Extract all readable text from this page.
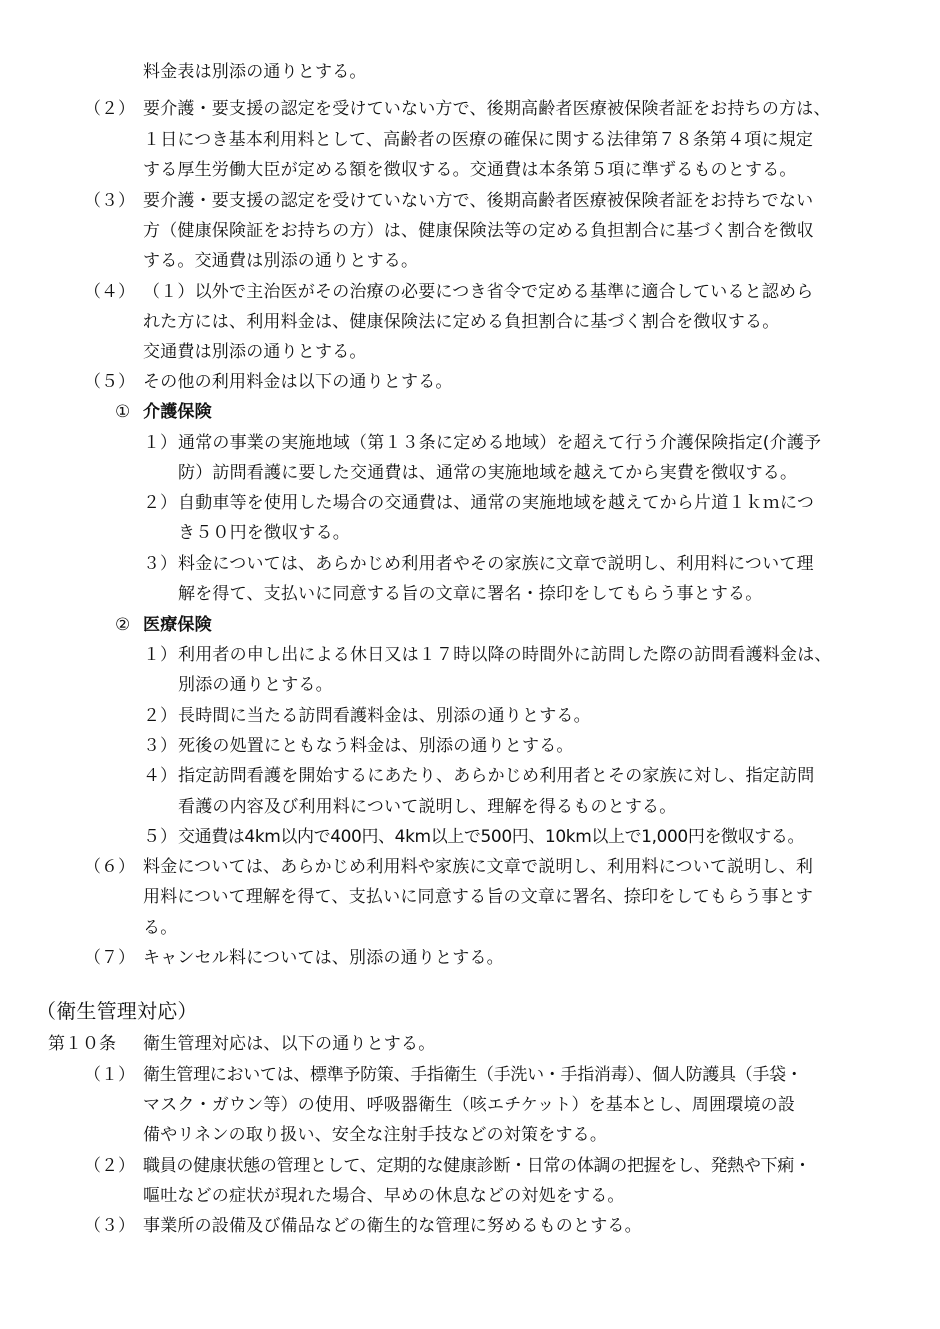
料金表は別添の通りとする。
（２） 要介護・要支援の認定を受けていない方で、後期高齢者医療被保険者証をお持ちの方は、
１日につき基本利用料として、高齢者の医療の確保に関する法律第７８条第４項に規定
する厚生労働大臣が定める額を徴収する。交通費は本条第５項に準ずるものとする。
（３） 要介護・要支援の認定を受けていない方で、後期高齢者医療被保険者証をお持ちでない
方（健康保険証をお持ちの方）は、健康保険法等の定める負担割合に基づく割合を徴収
する。交通費は別添の通りとする。
（４） （１）以外で主治医がその治療の必要につき省令で定める基準に適合していると認めら
れた方には、利用料金は、健康保険法に定める負担割合に基づく割合を徴収する。
交通費は別添の通りとする。
（５） その他の利用料金は以下の通りとする。
① 介護保険
１） 通常の事業の実施地域（第１３条に定める地域）を超えて行う介護保険指定(介護予
防）訪問看護に要した交通費は、通常の実施地域を越えてから実費を徴収する。
２） 自動車等を使用した場合の交通費は、通常の実施地域を越えてから片道１ｋｍにつ
き５０円を徴収する。
３） 料金については、あらかじめ利用者やその家族に文章で説明し、利用料について理
解を得て、支払いに同意する旨の文章に署名・捺印をしてもらう事とする。
② 医療保険
１） 利用者の申し出による休日又は１７時以降の時間外に訪問した際の訪問看護料金は、
別添の通りとする。
２） 長時間に当たる訪問看護料金は、別添の通りとする。
３） 死後の処置にともなう料金は、別添の通りとする。
４） 指定訪問看護を開始するにあたり、あらかじめ利用者とその家族に対し、指定訪問
看護の内容及び利用料について説明し、理解を得るものとする。
５） 交通費は4km以内で400円、4km以上で500円、10km以上で1,000円を徴収する。
（６） 料金については、あらかじめ利用料や家族に文章で説明し、利用料について説明し、利
用料について理解を得て、支払いに同意する旨の文章に署名、捺印をしてもらう事とす
る。
（７） キャンセル料については、別添の通りとする。
（衛生管理対応）
第１０条 衛生管理対応は、以下の通りとする。
（１） 衛生管理においては、標準予防策、手指衛生（手洗い・手指消毒）、個人防護具（手袋・
マスク・ガウン等）の使用、呼吸器衛生（咳エチケット）を基本とし、周囲環境の設
備やリネンの取り扱い、安全な注射手技などの対策をする。
（２） 職員の健康状態の管理として、定期的な健康診断・日常の体調の把握をし、発熱や下痢・
嘔吐などの症状が現れた場合、早めの休息などの対処をする。
（３） 事業所の設備及び備品などの衛生的な管理に努めるものとする。
